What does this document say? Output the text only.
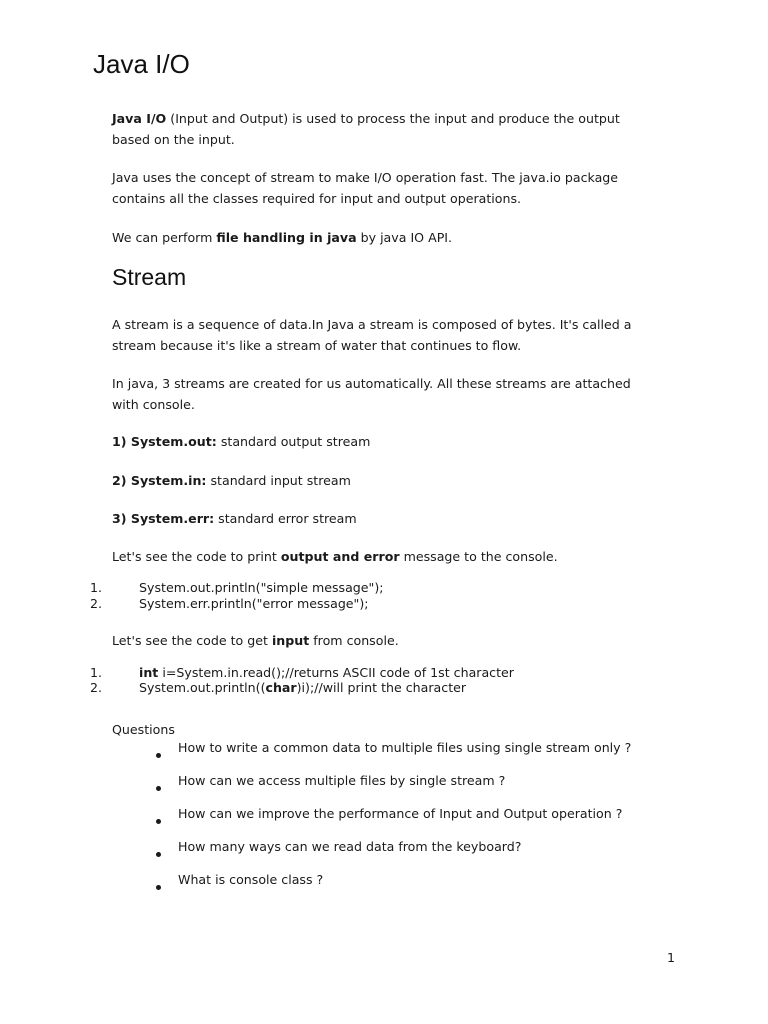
Java I/O
Java I/O (Input and Output) is used to process the input and produce the output
based on the input.
Java uses the concept of stream to make I/O operation fast. The java.io package
contains all the classes required for input and output operations.
We can perform file handling in java by java IO API.
Stream
A stream is a sequence of data.In Java a stream is composed of bytes. It's called a
stream because it's like a stream of water that continues to flow.
In java, 3 streams are created for us automatically. All these streams are attached
with console.
1) System.out: standard output stream
2) System.in: standard input stream
3) System.err: standard error stream
Let's see the code to print output and error message to the console.
1.	System.out.println("simple message");
2.	System.err.println("error message");
Let's see the code to get input from console.
1.	int i=System.in.read();//returns ASCII code of 1st character
2.	System.out.println((char)i);//will print the character
Questions
How to write a common data to multiple files using single stream only ?
How can we access multiple files by single stream ?
How can we improve the performance of Input and Output operation ?
How many ways can we read data from the keyboard?
What is console class ?
1
